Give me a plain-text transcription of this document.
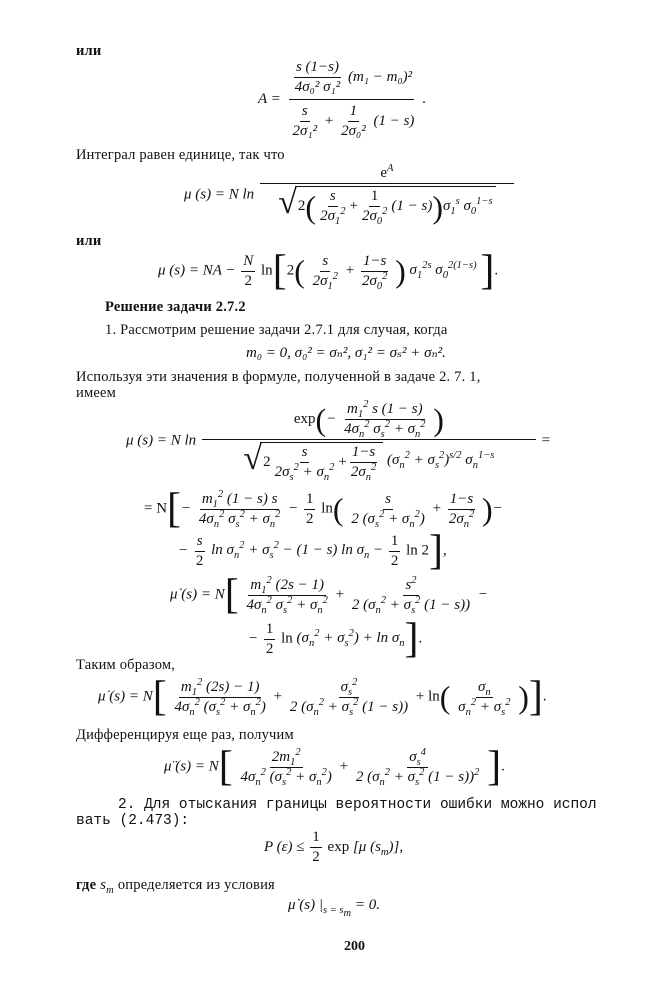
или
$A = \frac{\frac{s (1-s)}{\text{4σ₀² σ₁²}} (m_1 - m_0)^2}{\frac{s}{\text{2σ₁²}} + \frac{1}{\text{2σ₀²}} (1 - s)}$ .
Интеграл равен единице, так что
μ (s) = N ln
$e^A$
√ 2 ( $\frac{s}{2\sigma_1^2} + \frac{1}{2\sigma_0^2} (1 - s)$ ) $\sigma_1^s$ $\sigma_0^{1-s}$
или
μ (s) = NA − $\frac{N}{2} \ln[2( \frac{s}{2\sigma_1^2} + \frac{1-s}{2\sigma_0^2}$ ) $\sigma_1^{2s}$ $\sigma_0^{2(1-s)}$ ].
Решение задачи 2.7.2
1. Рассмотрим решение задачи 2.7.1 для случая, когда
m₀ = 0, σ₀² = σₙ², σ₁² = σₛ² + σₙ².
Используя эти значения в формуле, полученной в задаче 2. 7. 1,
имеем
μ (s) = N ln
$\exp(- \frac{m_1^2 s (1 - s)}{4\sigma_n^2 \sigma_s^2 + \sigma_n^2}$ )
√ $2 \frac{s}{2\sigma_s^2 + \sigma_n^2} + \frac{1-s}{2\sigma_n^2} (\sigma_n^2 + \sigma_s^2)^{s/2}$ $\sigma_n^{1-s}$
=
= $N[- \frac{m_1^2 (1 - s) s}{4\sigma_n^2 \sigma_s^2 + \sigma_n^2} - \frac{1}{2} \ln( \frac{s}{2 (\sigma_s^2 + \sigma_n^2)} + \frac{1-s}{2\sigma_n^2}$ )−
− $\frac{s}{2}$ $\ln \sigma_n^2 + \sigma_s^2 - (1 - s)$ $\ln \sigma_n - \frac{1}{2}$ ln 2],
μ̇ $(s) = N[ \frac{m_1^2 (2s - 1)}{4\sigma_n^2 \sigma_s^2 + \sigma_n^2} + \frac{s^2}{2 (\sigma_n^2 + \sigma_s^2 (1 - s))}$ −
− $\frac{1}{2}$ $\ln (\sigma_n^2 + \sigma_s^2) + \ln \sigma_n$].
Таким образом,
μ̇ $(s) = N[ \frac{m_1^2 (2s) - 1)}{4\sigma_n^2 (\sigma_s^2 + \sigma_n^2)} + \frac{\sigma_s^2}{2 (\sigma_n^2 + \sigma_s^2 (1 - s))} + \ln( \frac{\sigma_n}{\sigma_n^2 + \sigma_s^2}$ )].
Дифференцируя еще раз, получим
μ̈ $(s) = N[ \frac{2m_1^2}{4\sigma_n^2 (\sigma_s^2 + \sigma_n^2)} + \frac{\sigma_s^4}{2 (\sigma_n^2 + \sigma_s^2 (1 - s))^2}$ ].
2. Для отыскания границы вероятности ошибки можно испол
вать (2.473):
P $(\varepsilon) \le \frac{1}{2}$ exp [μ $(s_m)$],
где $s_m$ определяется из условия
μ̇ (s) $|_{s = s_m} = 0$.
200
